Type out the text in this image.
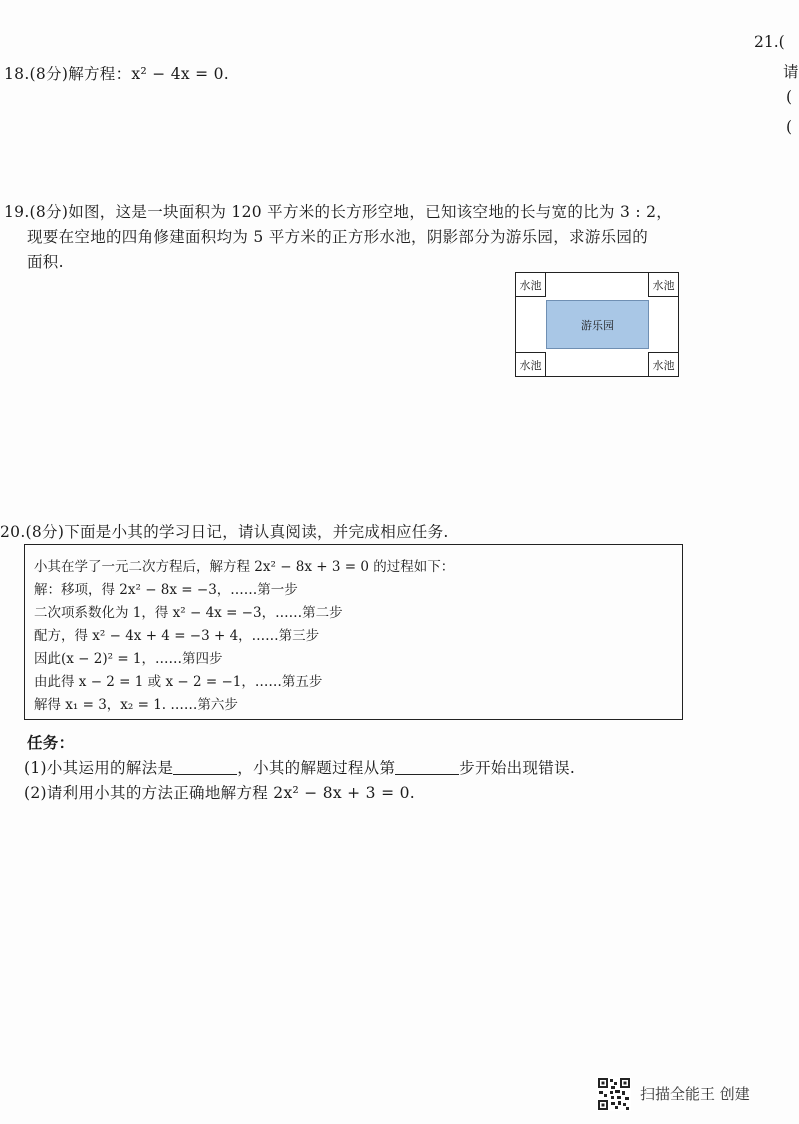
21.(
请
(
(
18.(8分)解方程：x² − 4x = 0.
19.(8分)如图，这是一块面积为 120 平方米的长方形空地，已知该空地的长与宽的比为 3 : 2，
现要在空地的四角修建面积均为 5 平方米的正方形水池，阴影部分为游乐园，求游乐园的
面积.
水池	水池
水池	水池
游乐园
20.(8分)下面是小其的学习日记，请认真阅读，并完成相应任务.
小其在学了一元二次方程后，解方程 2x² − 8x + 3 = 0 的过程如下：
解：移项，得 2x² − 8x = −3，……第一步
二次项系数化为 1，得 x² − 4x = −3，……第二步
配方，得 x² − 4x + 4 = −3 + 4，……第三步
因此(x − 2)² = 1，……第四步
由此得 x − 2 = 1 或 x − 2 = −1，……第五步
解得 x₁ = 3，x₂ = 1. ……第六步
任务：
(1)小其运用的解法是	，小其的解题过程从第	步开始出现错误.
(2)请利用小其的方法正确地解方程 2x² − 8x + 3 = 0.
扫描全能王 创建
